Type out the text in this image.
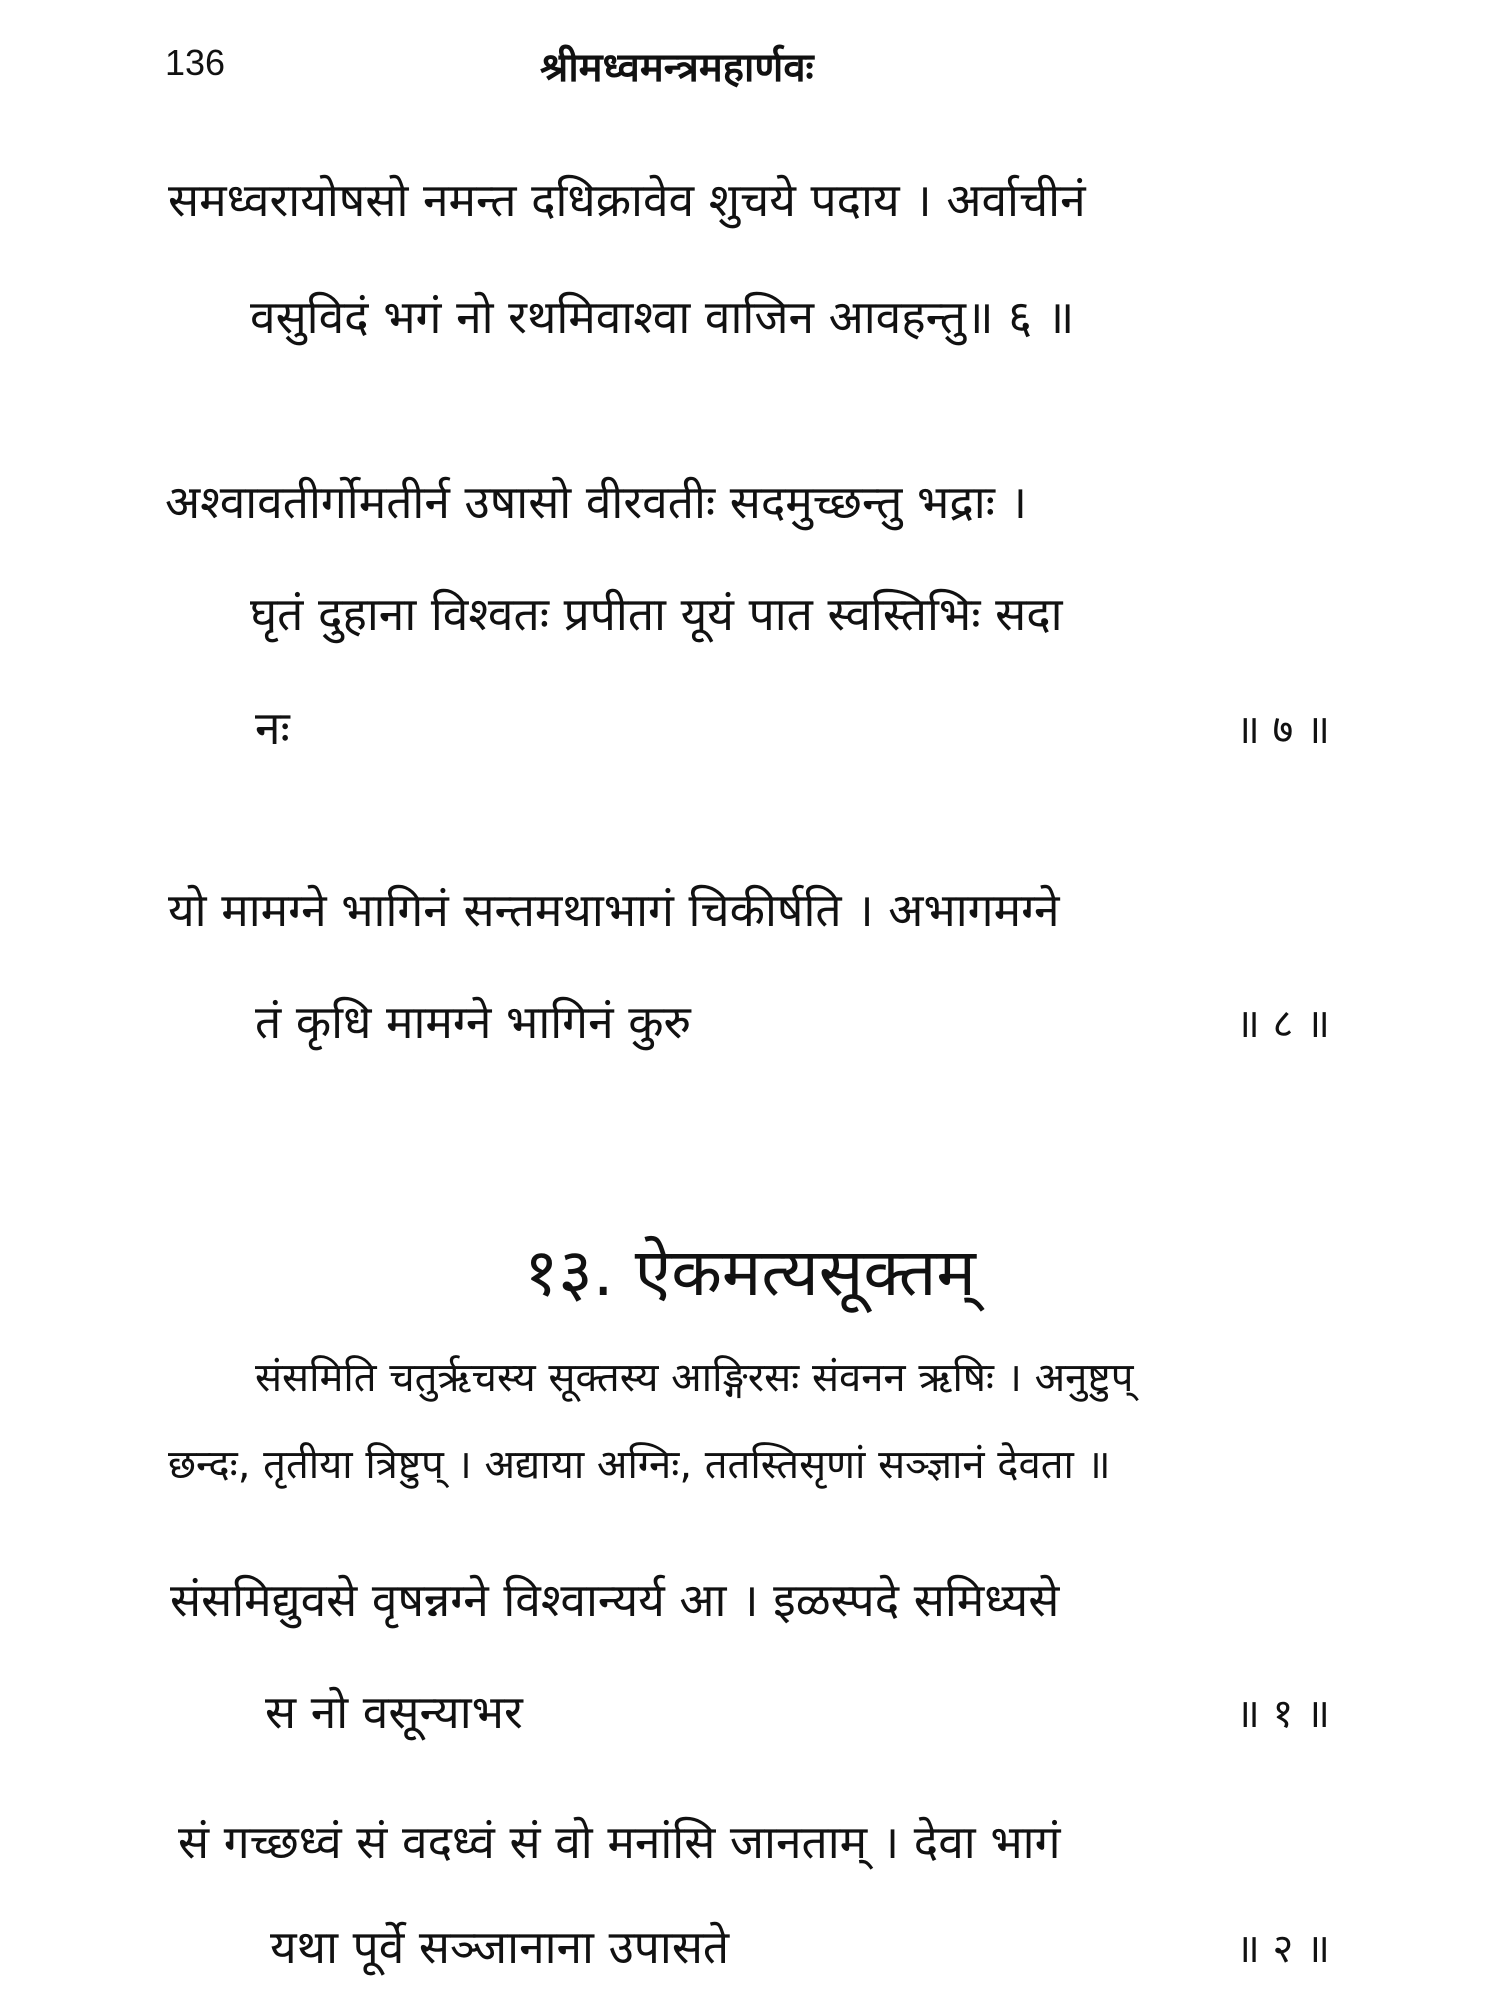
136	श्रीमध्वमन्त्रमहार्णवः
समध्वरायोषसो नमन्त दधिक्रावेव शुचये पदाय । अर्वाचीनं
वसुविदं भगं नो रथमिवाश्वा वाजिन आवहन्तु॥ ६ ॥
अश्वावतीर्गोमतीर्न उषासो वीरवतीः सदमुच्छन्तु भद्राः ।
घृतं दुहाना विश्वतः प्रपीता यूयं पात स्वस्तिभिः सदा
नः	॥ ७ ॥
यो मामग्ने भागिनं सन्तमथाभागं चिकीर्षति । अभागमग्ने
तं कृधि मामग्ने भागिनं कुरु	॥ ८ ॥
१३. ऐकमत्यसूक्तम्
संसमिति चतुर्ऋचस्य सूक्तस्य आङ्गिरसः संवनन ऋषिः । अनुष्टुप्
छन्दः, तृतीया त्रिष्टुप् । अद्याया अग्निः, ततस्तिसृणां सञ्ज्ञानं देवता ॥
संसमिद्युवसे वृषन्नग्ने विश्वान्यर्य आ । इळस्पदे समिध्यसे
स नो वसून्याभर	॥ १ ॥
सं गच्छध्वं सं वदध्वं सं वो मनांसि जानताम् । देवा भागं
यथा पूर्वे सञ्जानाना उपासते	॥ २ ॥
